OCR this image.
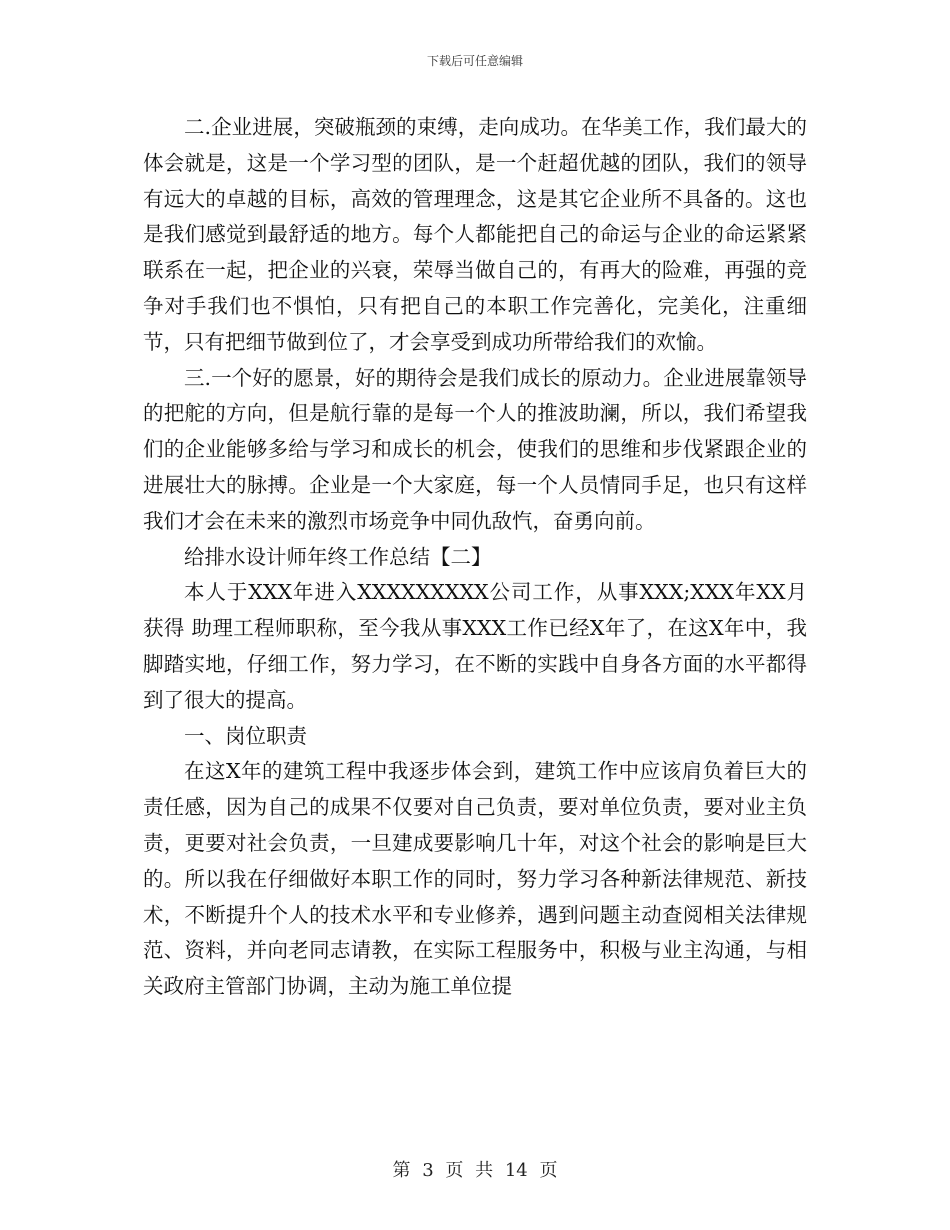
下载后可任意编辑

二.企业进展，突破瓶颈的束缚，走向成功。在华美工作，我们最大的体会就是，这是一个学习型的团队，是一个赶超优越的团队，我们的领导有远大的卓越的目标，高效的管理理念，这是其它企业所不具备的。这也是我们感觉到最舒适的地方。每个人都能把自己的命运与企业的命运紧紧联系在一起，把企业的兴衰，荣辱当做自己的，有再大的险难，再强的竞争对手我们也不惧怕，只有把自己的本职工作完善化，完美化，注重细节，只有把细节做到位了，才会享受到成功所带给我们的欢愉。

三.一个好的愿景，好的期待会是我们成长的原动力。企业进展靠领导的把舵的方向，但是航行靠的是每一个人的推波助澜，所以，我们希望我们的企业能够多给与学习和成长的机会，使我们的思维和步伐紧跟企业的进展壮大的脉搏。企业是一个大家庭，每一个人员情同手足，也只有这样我们才会在未来的激烈市场竞争中同仇敌忾，奋勇向前。

给排水设计师年终工作总结【二】

本人于XXX年进入XXXXXXXXX公司工作，从事XXX;XXX年XX月获得 助理工程师职称，至今我从事XXX工作已经X年了，在这X年中，我脚踏实地，仔细工作，努力学习，在不断的实践中自身各方面的水平都得到了很大的提高。

一、岗位职责

在这X年的建筑工程中我逐步体会到，建筑工作中应该肩负着巨大的责任感，因为自己的成果不仅要对自己负责，要对单位负责，要对业主负责，更要对社会负责，一旦建成要影响几十年，对这个社会的影响是巨大的。所以我在仔细做好本职工作的同时，努力学习各种新法律规范、新技术，不断提升个人的技术水平和专业修养，遇到问题主动查阅相关法律规范、资料，并向老同志请教，在实际工程服务中，积极与业主沟通，与相关政府主管部门协调，主动为施工单位提

第 3 页 共 14 页
